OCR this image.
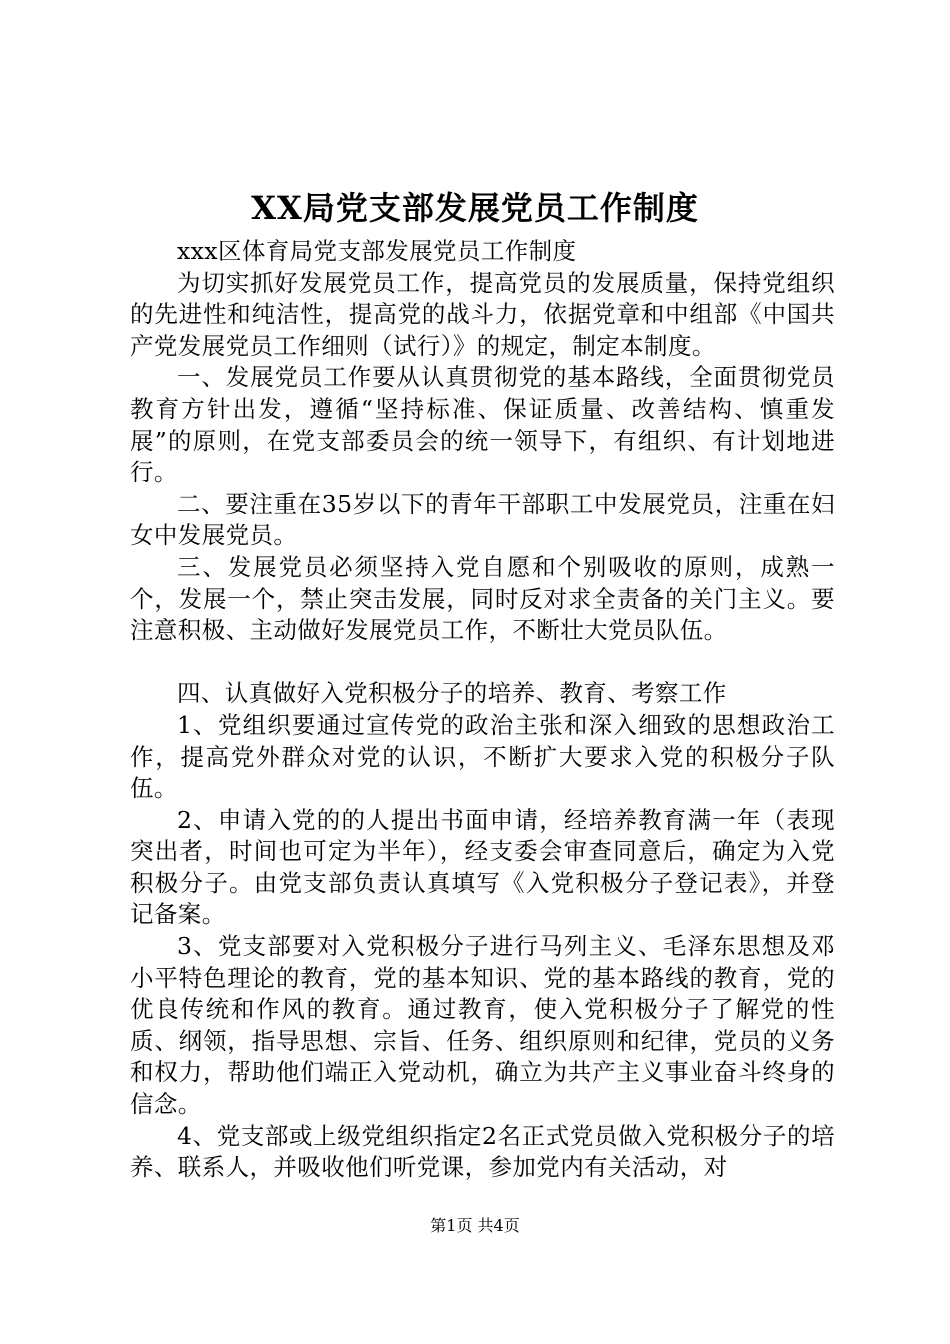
XX局党支部发展党员工作制度

xxx区体育局党支部发展党员工作制度

为切实抓好发展党员工作，提高党员的发展质量，保持党组织的先进性和纯洁性，提高党的战斗力，依据党章和中组部《中国共产党发展党员工作细则（试行）》的规定，制定本制度。

一、发展党员工作要从认真贯彻党的基本路线，全面贯彻党员教育方针出发，遵循“坚持标准、保证质量、改善结构、慎重发展”的原则，在党支部委员会的统一领导下，有组织、有计划地进行。

二、要注重在35岁以下的青年干部职工中发展党员，注重在妇女中发展党员。

三、发展党员必须坚持入党自愿和个别吸收的原则，成熟一个，发展一个，禁止突击发展，同时反对求全责备的关门主义。要注意积极、主动做好发展党员工作，不断壮大党员队伍。

四、认真做好入党积极分子的培养、教育、考察工作

1、党组织要通过宣传党的政治主张和深入细致的思想政治工作，提高党外群众对党的认识，不断扩大要求入党的积极分子队伍。

2、申请入党的的人提出书面申请，经培养教育满一年（表现突出者，时间也可定为半年），经支委会审查同意后，确定为入党积极分子。由党支部负责认真填写《入党积极分子登记表》，并登记备案。

3、党支部要对入党积极分子进行马列主义、毛泽东思想及邓小平特色理论的教育，党的基本知识、党的基本路线的教育，党的优良传统和作风的教育。通过教育，使入党积极分子了解党的性质、纲领，指导思想、宗旨、任务、组织原则和纪律，党员的义务和权力，帮助他们端正入党动机，确立为共产主义事业奋斗终身的信念。

4、党支部或上级党组织指定2名正式党员做入党积极分子的培养、联系人，并吸收他们听党课，参加党内有关活动，对

第1页 共4页
